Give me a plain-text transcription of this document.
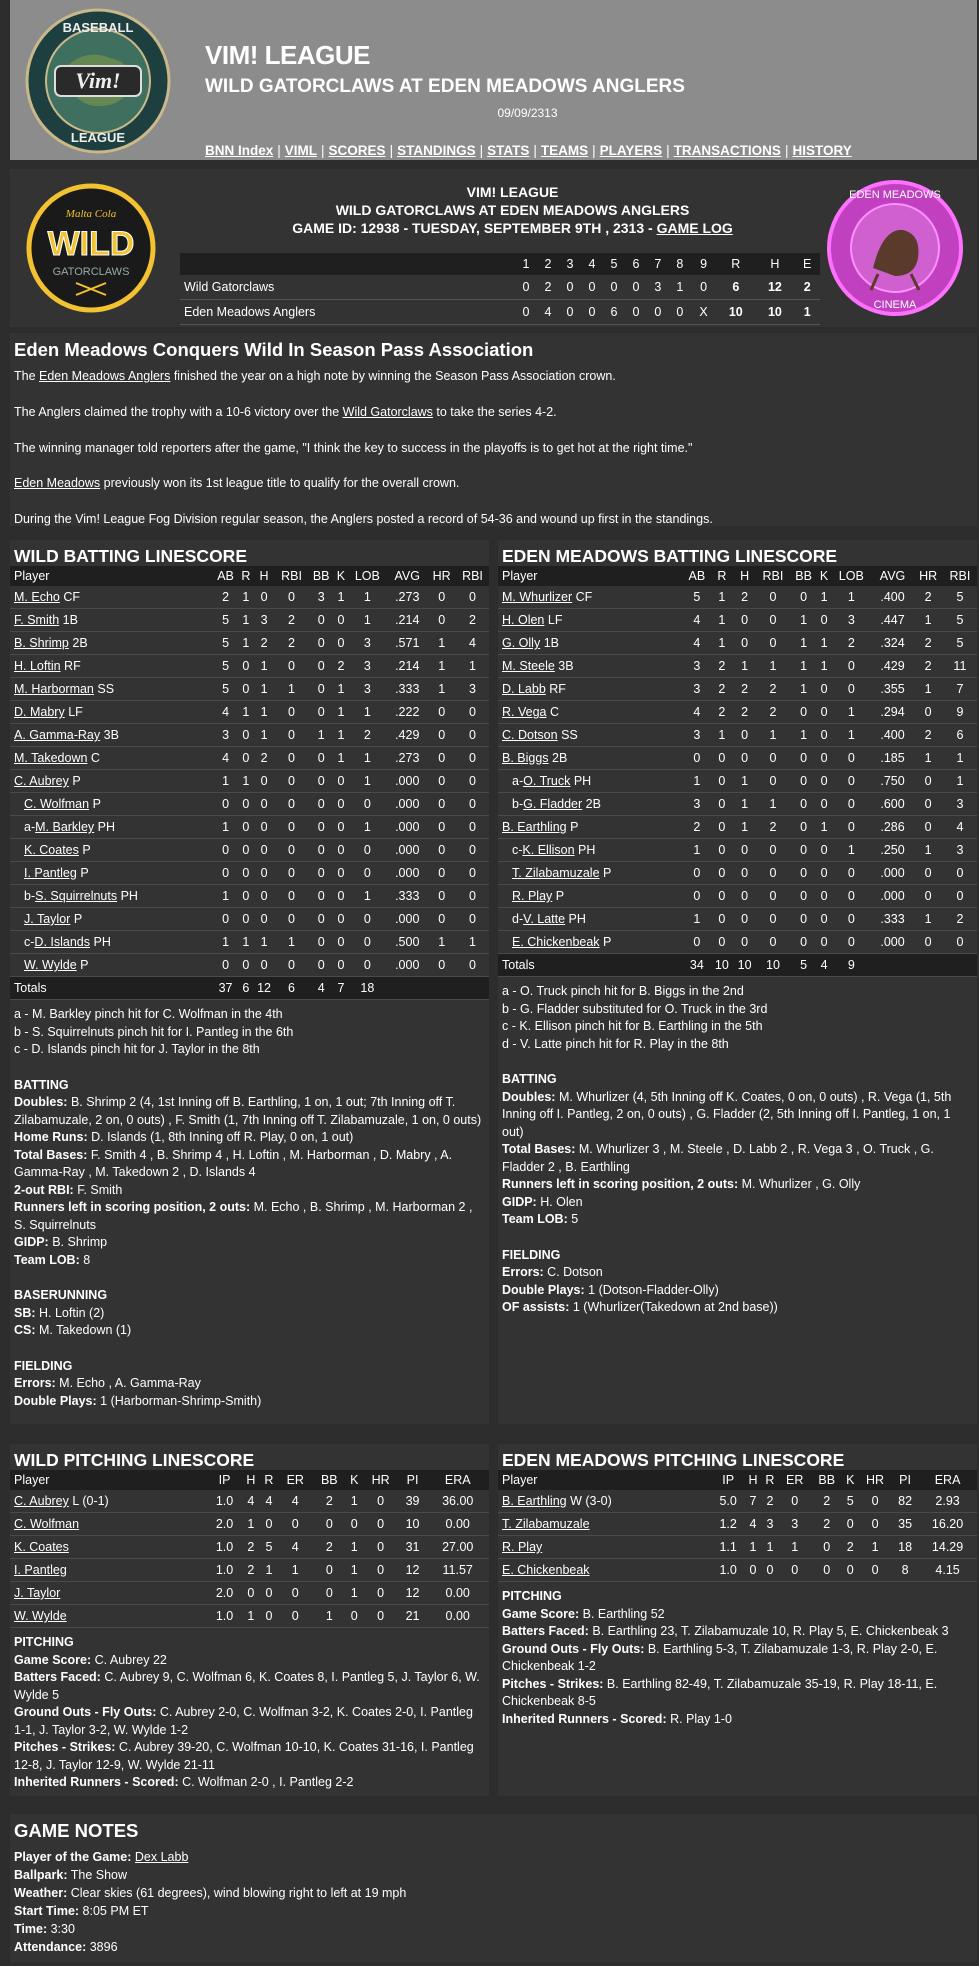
Vim!
BASEBALL
LEAGUE
VIM! LEAGUE
WILD GATORCLAWS AT EDEN MEADOWS ANGLERS
09/09/2313
BNN Index | VIML | SCORES | STANDINGS | STATS | TEAMS | PLAYERS | TRANSACTIONS | HISTORY
Malta Cola
WILD
GATORCLAWS
VIM! LEAGUE
WILD GATORCLAWS AT EDEN MEADOWS ANGLERS
GAME ID: 12938 - TUESDAY, SEPTEMBER 9TH , 2313 - GAME LOG
	1	2	3	4	5	6	7	8	9	R	H	E
Wild Gatorclaws	0	2	0	0	0	0	3	1	0	6	12	2
Eden Meadows Anglers	0	4	0	0	6	0	0	0	X	10	10	1
EDEN MEADOWS
CINEMA
Eden Meadows Conquers Wild In Season Pass Association

The Eden Meadows Anglers finished the year on a high note by winning the Season Pass Association crown.

The Anglers claimed the trophy with a 10-6 victory over the Wild Gatorclaws to take the series 4-2.

The winning manager told reporters after the game, "I think the key to success in the playoffs is to get hot at the right time."

Eden Meadows previously won its 1st league title to qualify for the overall crown.

During the Vim! League Fog Division regular season, the Anglers posted a record of 54-36 and wound up first in the standings.

WILD BATTING LINESCORE
Player	AB	R	H	RBI	BB	K	LOB	AVG	HR	RBI
M. Echo CF	2	1	0	0	3	1	1	.273	0	0
F. Smith 1B	5	1	3	2	0	0	1	.214	0	2
B. Shrimp 2B	5	1	2	2	0	0	3	.571	1	4
H. Loftin RF	5	0	1	0	0	2	3	.214	1	1
M. Harborman SS	5	0	1	1	0	1	3	.333	1	3
D. Mabry LF	4	1	1	0	0	1	1	.222	0	0
A. Gamma-Ray 3B	3	0	1	0	1	1	2	.429	0	0
M. Takedown C	4	0	2	0	0	1	1	.273	0	0
C. Aubrey P	1	1	0	0	0	0	1	.000	0	0
C. Wolfman P	0	0	0	0	0	0	0	.000	0	0
a-M. Barkley PH	1	0	0	0	0	0	1	.000	0	0
K. Coates P	0	0	0	0	0	0	0	.000	0	0
I. Pantleg P	0	0	0	0	0	0	0	.000	0	0
b-S. Squirrelnuts PH	1	0	0	0	0	0	1	.333	0	0
J. Taylor P	0	0	0	0	0	0	0	.000	0	0
c-D. Islands PH	1	1	1	1	0	0	0	.500	1	1
W. Wylde P	0	0	0	0	0	0	0	.000	0	0
Totals	37	6	12	6	4	7	18			
a - M. Barkley pinch hit for C. Wolfman in the 4th
b - S. Squirrelnuts pinch hit for I. Pantleg in the 6th
c - D. Islands pinch hit for J. Taylor in the 8th
BATTING
Doubles: B. Shrimp 2 (4, 1st Inning off B. Earthling, 1 on, 1 out; 7th Inning off T. Zilabamuzale, 2 on, 0 outs) , F. Smith (1, 7th Inning off T. Zilabamuzale, 1 on, 0 outs)
Home Runs: D. Islands (1, 8th Inning off R. Play, 0 on, 1 out)
Total Bases: F. Smith 4 , B. Shrimp 4 , H. Loftin , M. Harborman , D. Mabry , A. Gamma-Ray , M. Takedown 2 , D. Islands 4
2-out RBI: F. Smith
Runners left in scoring position, 2 outs: M. Echo , B. Shrimp , M. Harborman 2 , S. Squirrelnuts
GIDP: B. Shrimp
Team LOB: 8
BASERUNNING
SB: H. Loftin (2)
CS: M. Takedown (1)
FIELDING
Errors: M. Echo , A. Gamma-Ray
Double Plays: 1 (Harborman-Shrimp-Smith)
EDEN MEADOWS BATTING LINESCORE
Player	AB	R	H	RBI	BB	K	LOB	AVG	HR	RBI
M. Whurlizer CF	5	1	2	0	0	1	1	.400	2	5
H. Olen LF	4	1	0	0	1	0	3	.447	1	5
G. Olly 1B	4	1	0	0	1	1	2	.324	2	5
M. Steele 3B	3	2	1	1	1	1	0	.429	2	11
D. Labb RF	3	2	2	2	1	0	0	.355	1	7
R. Vega C	4	2	2	2	0	0	1	.294	0	9
C. Dotson SS	3	1	0	1	1	0	1	.400	2	6
B. Biggs 2B	0	0	0	0	0	0	0	.185	1	1
a-O. Truck PH	1	0	1	0	0	0	0	.750	0	1
b-G. Fladder 2B	3	0	1	1	0	0	0	.600	0	3
B. Earthling P	2	0	1	2	0	1	0	.286	0	4
c-K. Ellison PH	1	0	0	0	0	0	1	.250	1	3
T. Zilabamuzale P	0	0	0	0	0	0	0	.000	0	0
R. Play P	0	0	0	0	0	0	0	.000	0	0
d-V. Latte PH	1	0	0	0	0	0	0	.333	1	2
E. Chickenbeak P	0	0	0	0	0	0	0	.000	0	0
Totals	34	10	10	10	5	4	9			
a - O. Truck pinch hit for B. Biggs in the 2nd
b - G. Fladder substituted for O. Truck in the 3rd
c - K. Ellison pinch hit for B. Earthling in the 5th
d - V. Latte pinch hit for R. Play in the 8th
BATTING
Doubles: M. Whurlizer (4, 5th Inning off K. Coates, 0 on, 0 outs) , R. Vega (1, 5th Inning off I. Pantleg, 2 on, 0 outs) , G. Fladder (2, 5th Inning off I. Pantleg, 1 on, 1 out)
Total Bases: M. Whurlizer 3 , M. Steele , D. Labb 2 , R. Vega 3 , O. Truck , G. Fladder 2 , B. Earthling
Runners left in scoring position, 2 outs: M. Whurlizer , G. Olly
GIDP: H. Olen
Team LOB: 5
FIELDING
Errors: C. Dotson
Double Plays: 1 (Dotson-Fladder-Olly)
OF assists: 1 (Whurlizer(Takedown at 2nd base))
WILD PITCHING LINESCORE
Player	IP	H	R	ER	BB	K	HR	PI	ERA
C. Aubrey L (0-1)	1.0	4	4	4	2	1	0	39	36.00
C. Wolfman	2.0	1	0	0	0	0	0	10	0.00
K. Coates	1.0	2	5	4	2	1	0	31	27.00
I. Pantleg	1.0	2	1	1	0	1	0	12	11.57
J. Taylor	2.0	0	0	0	0	1	0	12	0.00
W. Wylde	1.0	1	0	0	1	0	0	21	0.00
PITCHING
Game Score: C. Aubrey 22
Batters Faced: C. Aubrey 9, C. Wolfman 6, K. Coates 8, I. Pantleg 5, J. Taylor 6, W. Wylde 5
Ground Outs - Fly Outs: C. Aubrey 2-0, C. Wolfman 3-2, K. Coates 2-0, I. Pantleg 1-1, J. Taylor 3-2, W. Wylde 1-2
Pitches - Strikes: C. Aubrey 39-20, C. Wolfman 10-10, K. Coates 31-16, I. Pantleg 12-8, J. Taylor 12-9, W. Wylde 21-11
Inherited Runners - Scored: C. Wolfman 2-0 , I. Pantleg 2-2
EDEN MEADOWS PITCHING LINESCORE
Player	IP	H	R	ER	BB	K	HR	PI	ERA
B. Earthling W (3-0)	5.0	7	2	0	2	5	0	82	2.93
T. Zilabamuzale	1.2	4	3	3	2	0	0	35	16.20
R. Play	1.1	1	1	1	0	2	1	18	14.29
E. Chickenbeak	1.0	0	0	0	0	0	0	8	4.15
PITCHING
Game Score: B. Earthling 52
Batters Faced: B. Earthling 23, T. Zilabamuzale 10, R. Play 5, E. Chickenbeak 3
Ground Outs - Fly Outs: B. Earthling 5-3, T. Zilabamuzale 1-3, R. Play 2-0, E. Chickenbeak 1-2
Pitches - Strikes: B. Earthling 82-49, T. Zilabamuzale 35-19, R. Play 18-11, E. Chickenbeak 8-5
Inherited Runners - Scored: R. Play 1-0
GAME NOTES
Player of the Game: Dex Labb
Ballpark: The Show
Weather: Clear skies (61 degrees), wind blowing right to left at 19 mph
Start Time: 8:05 PM ET
Time: 3:30
Attendance: 3896
